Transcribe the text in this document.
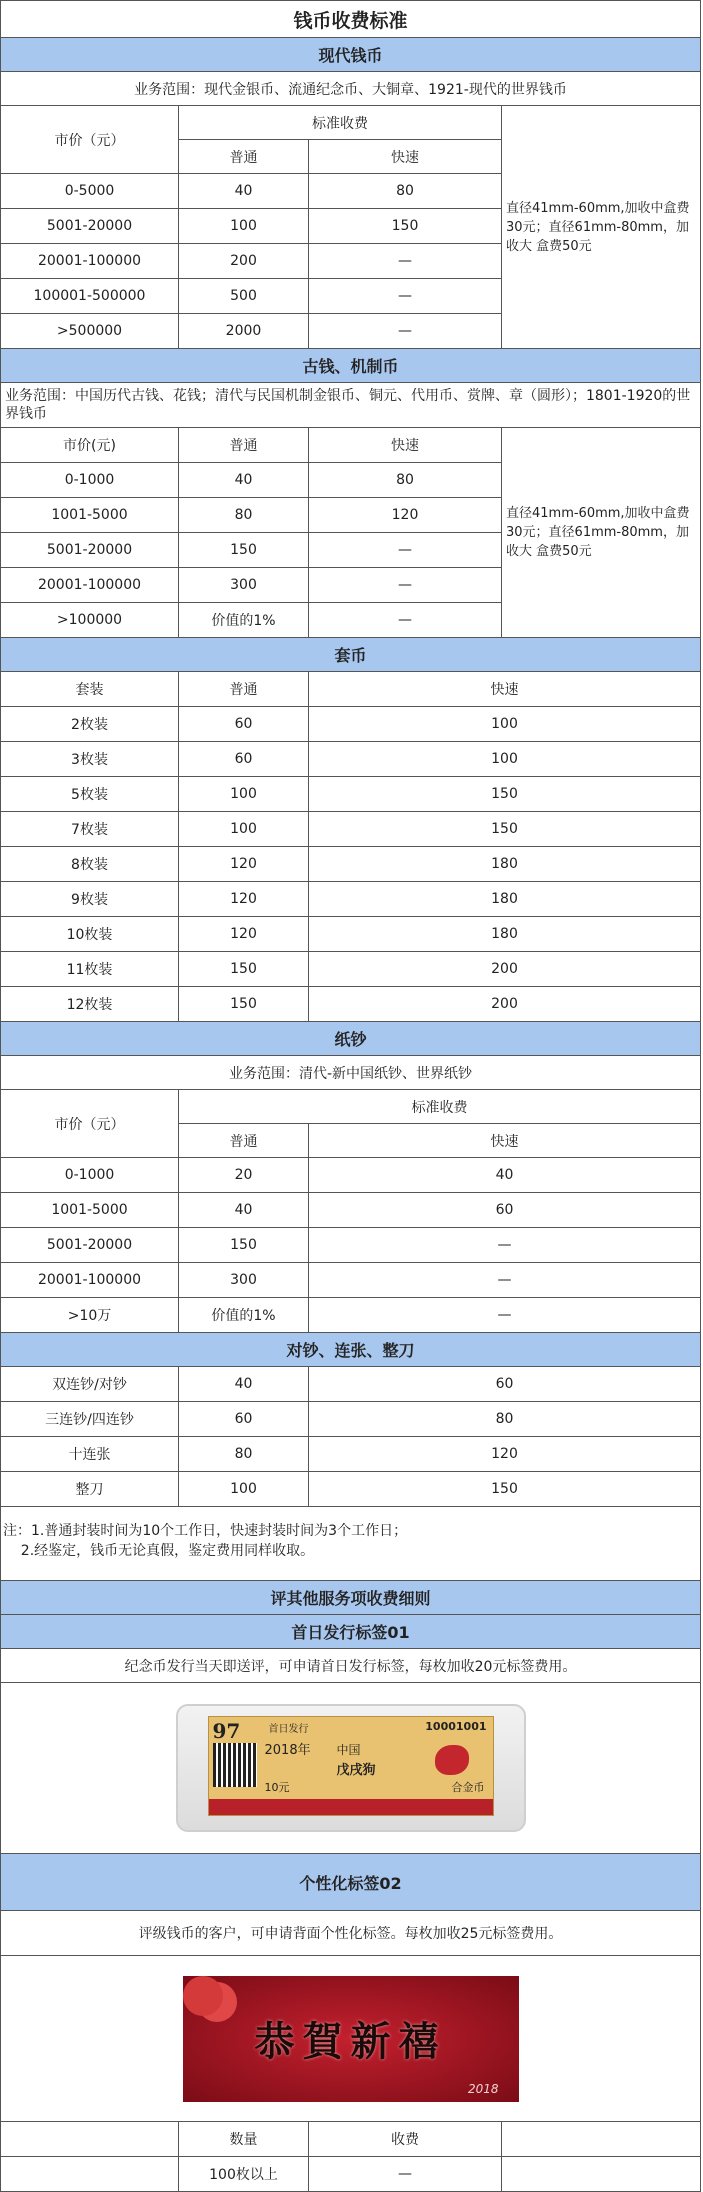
钱币收费标准
现代钱币
业务范围：现代金银币、流通纪念币、大铜章、1921-现代的世界钱币
市价（元）
标准收费
普通	快速
0-5000	40	80
5001-20000	100	150
20001-100000	200	—
100001-500000	500	—
>500000	2000	—
直径41mm-60mm,加收中盒费30元；直径61mm-80mm，加收大 盒费50元
古钱、机制币
业务范围：中国历代古钱、花钱；清代与民国机制金银币、铜元、代用币、赏牌、章（圆形）；1801-1920的世界钱币
市价(元)	普通	快速
0-1000	40	80
1001-5000	80	120
5001-20000	150	—
20001-100000	300	—
>100000	价值的1%	—
直径41mm-60mm,加收中盒费30元；直径61mm-80mm，加收大 盒费50元
套币
套装	普通	快速
2枚装	60	100
3枚装	60	100
5枚装	100	150
7枚装	100	150
8枚装	120	180
9枚装	120	180
10枚装	120	180
11枚装	150	200
12枚装	150	200
纸钞
业务范围：清代-新中国纸钞、世界纸钞
市价（元）
标准收费
普通	快速
0-1000	20	40
1001-5000	40	60
5001-20000	150	—
20001-100000	300	—
>10万	价值的1%	—
对钞、连张、整刀
双连钞/对钞	40	60
三连钞/四连钞	60	80
十连张	80	120
整刀	100	150
注：1.普通封装时间为10个工作日，快速封装时间为3个工作日；
2.经鉴定，钱币无论真假，鉴定费用同样收取。
评其他服务项收费细则
首日发行标签01
纪念币发行当天即送评，可申请首日发行标签，每枚加收20元标签费用。
97	首日发行	10001001
2018年 中国
戊戌狗
10元	合金币
个性化标签02
评级钱币的客户，可申请背面个性化标签。每枚加收25元标签费用。
恭賀新禧
2018
数量	收费
100枚以上	—
